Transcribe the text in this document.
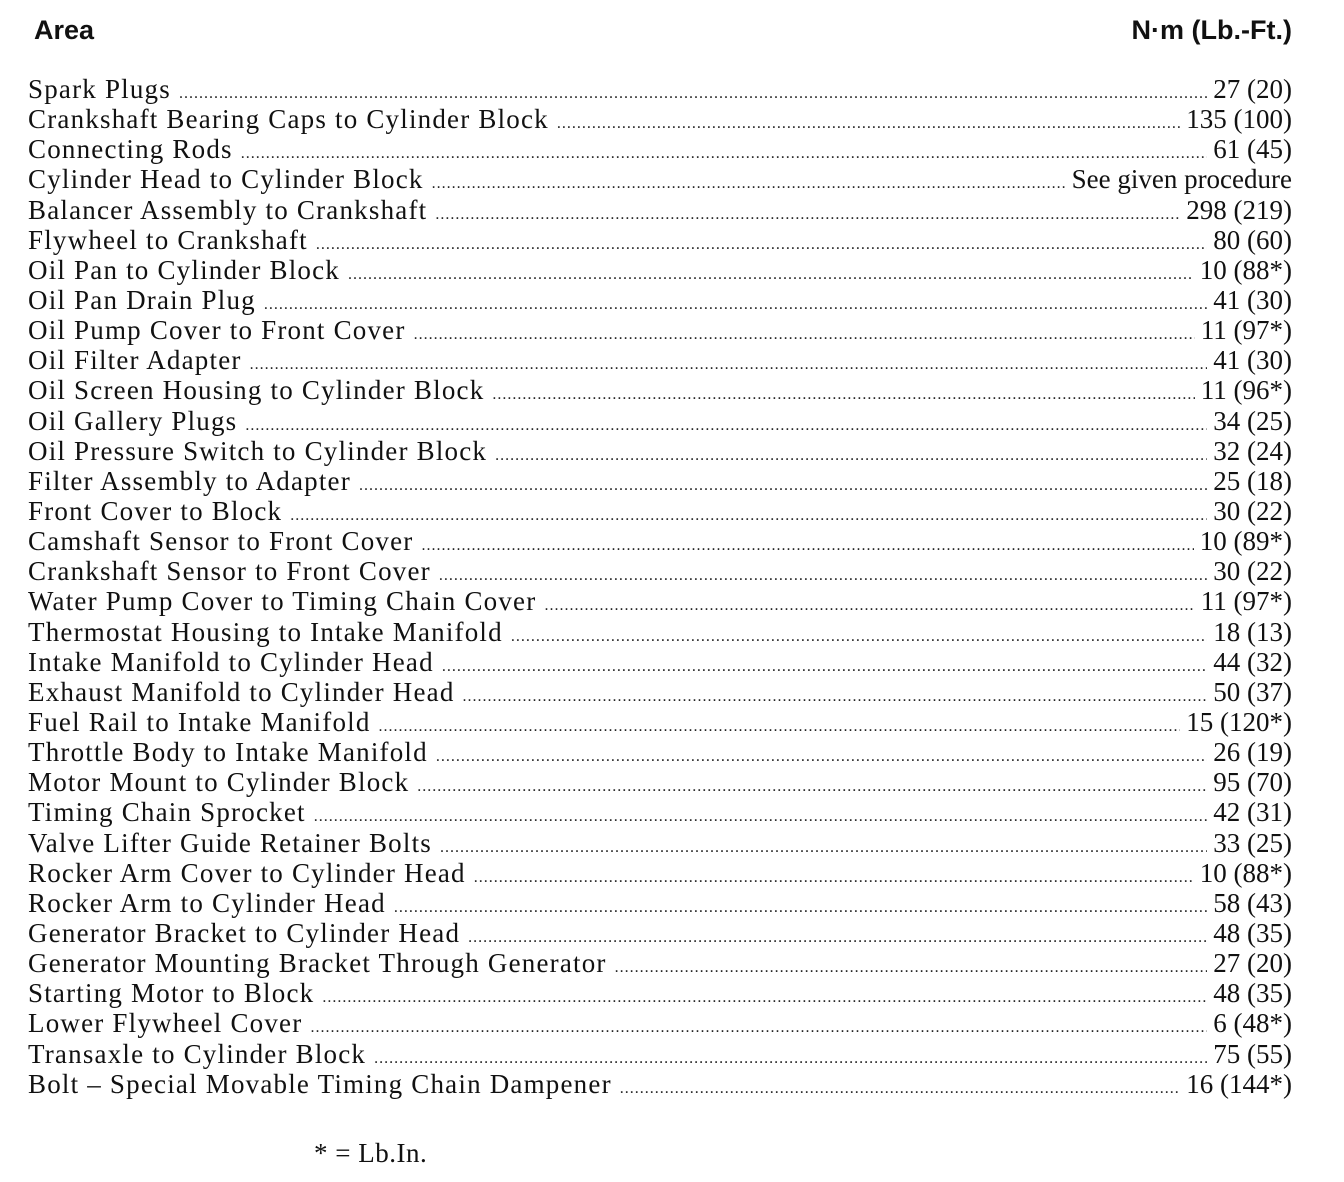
Area	N·m (Lb.-Ft.)
Spark Plugs .....	27 (20)
Crankshaft Bearing Caps to Cylinder Block .....	135 (100)
Connecting Rods .....	61 (45)
Cylinder Head to Cylinder Block .....	See given procedure
Balancer Assembly to Crankshaft .....	298 (219)
Flywheel to Crankshaft .....	80 (60)
Oil Pan to Cylinder Block .....	10 (88*)
Oil Pan Drain Plug .....	41 (30)
Oil Pump Cover to Front Cover .....	11 (97*)
Oil Filter Adapter .....	41 (30)
Oil Screen Housing to Cylinder Block .....	11 (96*)
Oil Gallery Plugs .....	34 (25)
Oil Pressure Switch to Cylinder Block .....	32 (24)
Filter Assembly to Adapter .....	25 (18)
Front Cover to Block .....	30 (22)
Camshaft Sensor to Front Cover .....	10 (89*)
Crankshaft Sensor to Front Cover .....	30 (22)
Water Pump Cover to Timing Chain Cover .....	11 (97*)
Thermostat Housing to Intake Manifold .....	18 (13)
Intake Manifold to Cylinder Head .....	44 (32)
Exhaust Manifold to Cylinder Head .....	50 (37)
Fuel Rail to Intake Manifold .....	15 (120*)
Throttle Body to Intake Manifold .....	26 (19)
Motor Mount to Cylinder Block .....	95 (70)
Timing Chain Sprocket .....	42 (31)
Valve Lifter Guide Retainer Bolts .....	33 (25)
Rocker Arm Cover to Cylinder Head .....	10 (88*)
Rocker Arm to Cylinder Head .....	58 (43)
Generator Bracket to Cylinder Head .....	48 (35)
Generator Mounting Bracket Through Generator .....	27 (20)
Starting Motor to Block .....	48 (35)
Lower Flywheel Cover .....	6 (48*)
Transaxle to Cylinder Block .....	75 (55)
Bolt – Special Movable Timing Chain Dampener .....	16 (144*)
* = Lb.In.
